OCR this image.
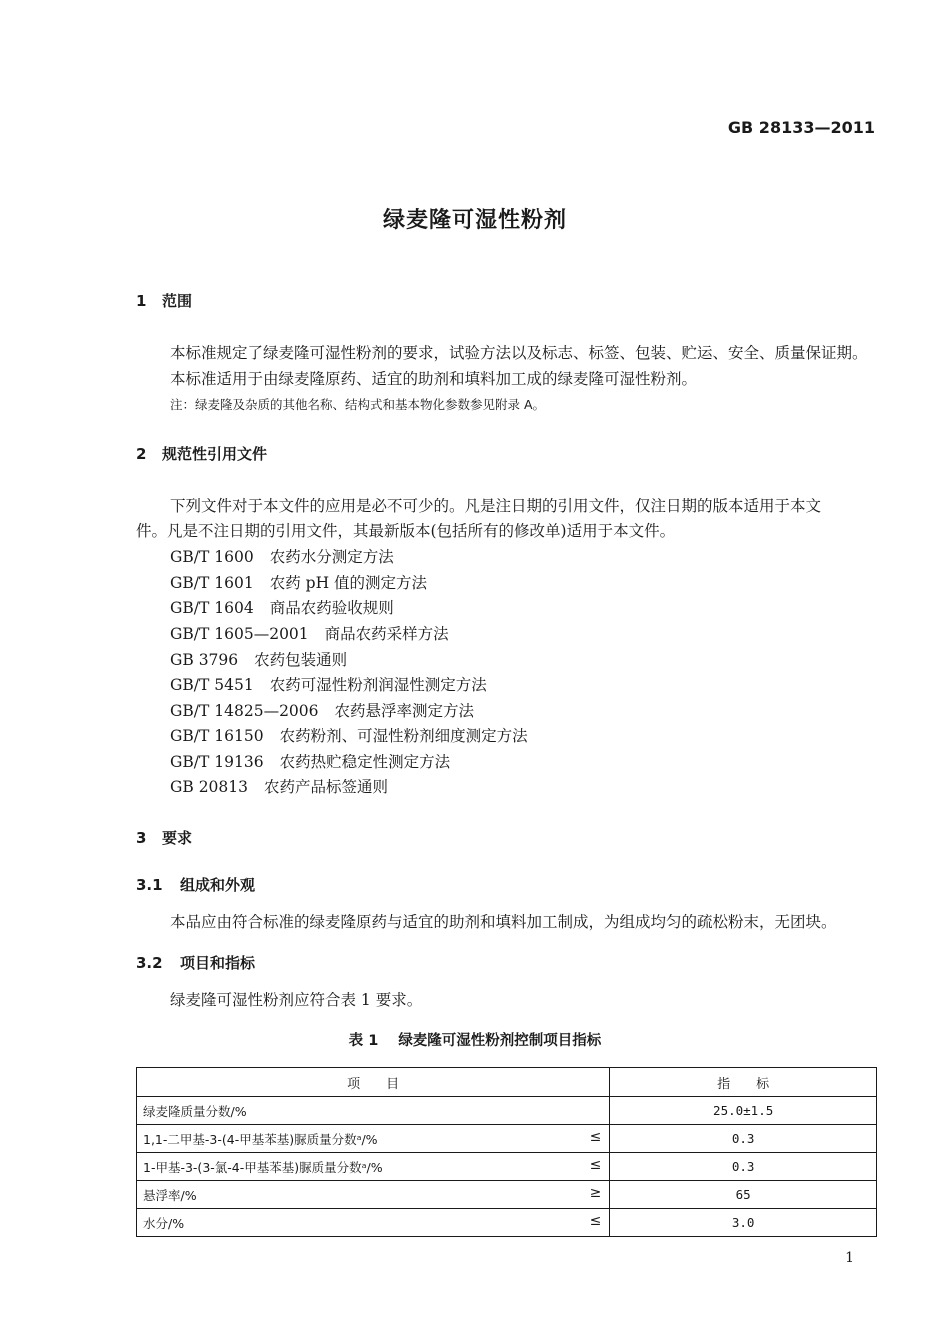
GB 28133—2011
绿麦隆可湿性粉剂
1 范围
本标准规定了绿麦隆可湿性粉剂的要求，试验方法以及标志、标签、包装、贮运、安全、质量保证期。
本标准适用于由绿麦隆原药、适宜的助剂和填料加工成的绿麦隆可湿性粉剂。
注：绿麦隆及杂质的其他名称、结构式和基本物化参数参见附录 A。
2 规范性引用文件
下列文件对于本文件的应用是必不可少的。凡是注日期的引用文件，仅注日期的版本适用于本文
件。凡是不注日期的引用文件，其最新版本(包括所有的修改单)适用于本文件。
GB/T 1600 农药水分测定方法
GB/T 1601 农药 pH 值的测定方法
GB/T 1604 商品农药验收规则
GB/T 1605—2001 商品农药采样方法
GB 3796 农药包装通则
GB/T 5451 农药可湿性粉剂润湿性测定方法
GB/T 14825—2006 农药悬浮率测定方法
GB/T 16150 农药粉剂、可湿性粉剂细度测定方法
GB/T 19136 农药热贮稳定性测定方法
GB 20813 农药产品标签通则
3 要求
3.1 组成和外观
本品应由符合标准的绿麦隆原药与适宜的助剂和填料加工制成，为组成均匀的疏松粉末，无团块。
3.2 项目和指标
绿麦隆可湿性粉剂应符合表 1 要求。
表 1 绿麦隆可湿性粉剂控制项目指标
项　　目	指　　标
绿麦隆质量分数/%	25.0±1.5
1,1-二甲基-3-(4-甲基苯基)脲质量分数ᵃ/% ≤	0.3
1-甲基-3-(3-氯-4-甲基苯基)脲质量分数ᵃ/% ≤	0.3
悬浮率/% ≥	65
水分/% ≤	3.0
1
